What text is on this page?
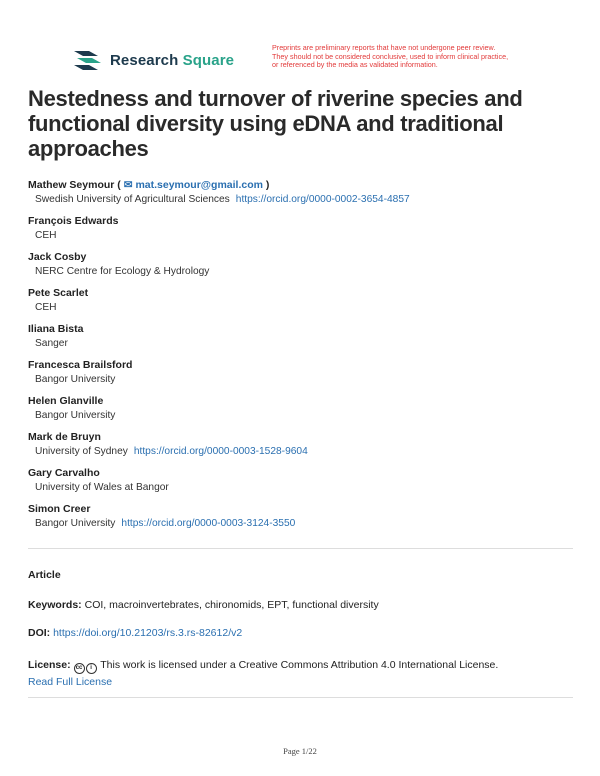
Research Square
Preprints are preliminary reports that have not undergone peer review.
They should not be considered conclusive, used to inform clinical practice,
or referenced by the media as validated information.
Nestedness and turnover of riverine species and functional diversity using eDNA and traditional approaches
Mathew Seymour ( ✉ mat.seymour@gmail.com )
Swedish University of Agricultural Sciences https://orcid.org/0000-0002-3654-4857
François Edwards
CEH
Jack Cosby
NERC Centre for Ecology & Hydrology
Pete Scarlet
CEH
Iliana Bista
Sanger
Francesca Brailsford
Bangor University
Helen Glanville
Bangor University
Mark de Bruyn
University of Sydney https://orcid.org/0000-0003-1528-9604
Gary Carvalho
University of Wales at Bangor
Simon Creer
Bangor University https://orcid.org/0000-0003-3124-3550
Article
Keywords: COI, macroinvertebrates, chironomids, EPT, functional diversity
DOI: https://doi.org/10.21203/rs.3.rs-82612/v2
License: cc i This work is licensed under a Creative Commons Attribution 4.0 International License.
Read Full License
Page 1/22
